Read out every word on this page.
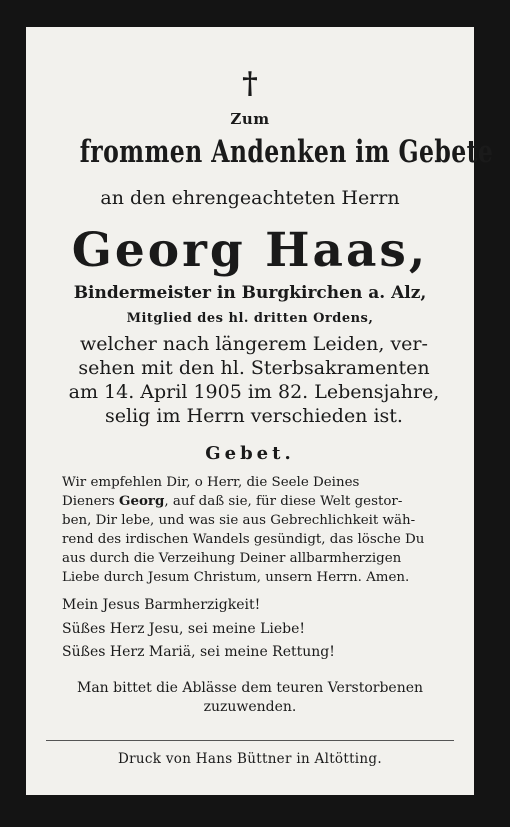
†
Zum
frommen Andenken im Gebete
an den ehrengeachteten Herrn
Georg Haas,
Bindermeister in Burgkirchen a. Alz,
Mitglied des hl. dritten Ordens,
welcher nach längerem Leiden, ver-
sehen mit den hl. Sterbsakramenten
am 14. April 1905 im 82. Lebensjahre,
selig im Herrn verschieden ist.
Gebet.
Wir empfehlen Dir, o Herr, die Seele Deines
Dieners Georg, auf daß sie, für diese Welt gestor-
ben, Dir lebe, und was sie aus Gebrechlichkeit wäh-
rend des irdischen Wandels gesündigt, das lösche Du
aus durch die Verzeihung Deiner allbarmherzigen
Liebe durch Jesum Christum, unsern Herrn. Amen.
Mein Jesus Barmherzigkeit!
Süßes Herz Jesu, sei meine Liebe!
Süßes Herz Mariä, sei meine Rettung!
Man bittet die Ablässe dem teuren Verstorbenen
zuzuwenden.
Druck von Hans Büttner in Altötting.
